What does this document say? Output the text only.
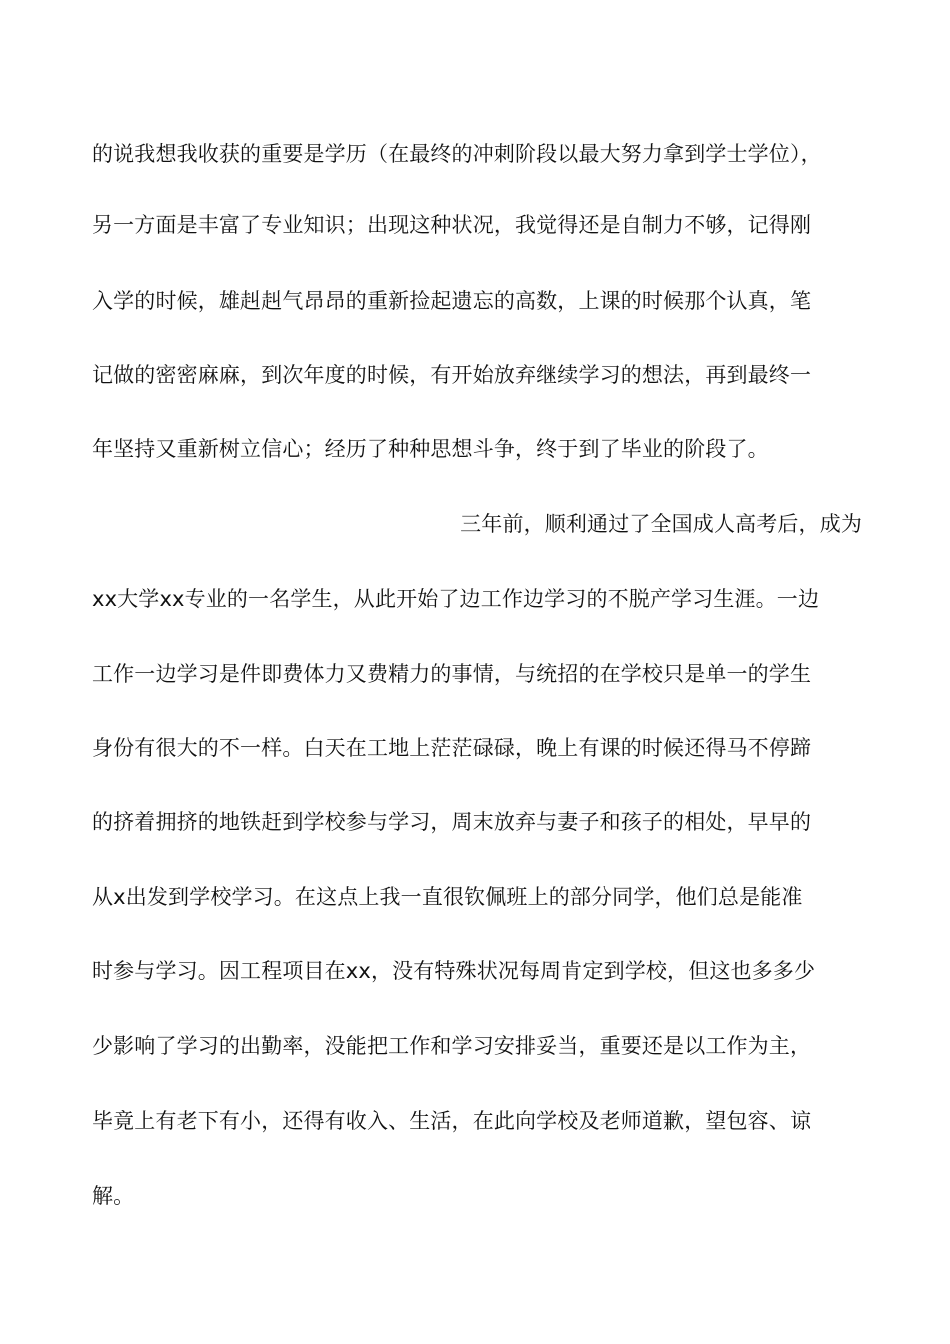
的说我想我收获的重要是学历（在最终的冲刺阶段以最大努力拿到学士学位），
另一方面是丰富了专业知识；出现这种状况，我觉得还是自制力不够，记得刚
入学的时候，雄赳赳气昂昂的重新捡起遗忘的高数，上课的时候那个认真，笔
记做的密密麻麻，到次年度的时候，有开始放弃继续学习的想法，再到最终一
年坚持又重新树立信心；经历了种种思想斗争，终于到了毕业的阶段了。
三年前，顺利通过了全国成人高考后，成为
xx大学xx专业的一名学生，从此开始了边工作边学习的不脱产学习生涯。一边
工作一边学习是件即费体力又费精力的事情，与统招的在学校只是单一的学生
身份有很大的不一样。白天在工地上茫茫碌碌，晚上有课的时候还得马不停蹄
的挤着拥挤的地铁赶到学校参与学习，周末放弃与妻子和孩子的相处，早早的
从x出发到学校学习。在这点上我一直很钦佩班上的部分同学，他们总是能准
时参与学习。因工程项目在xx，没有特殊状况每周肯定到学校，但这也多多少
少影响了学习的出勤率，没能把工作和学习安排妥当，重要还是以工作为主，
毕竟上有老下有小，还得有收入、生活，在此向学校及老师道歉，望包容、谅
解。
